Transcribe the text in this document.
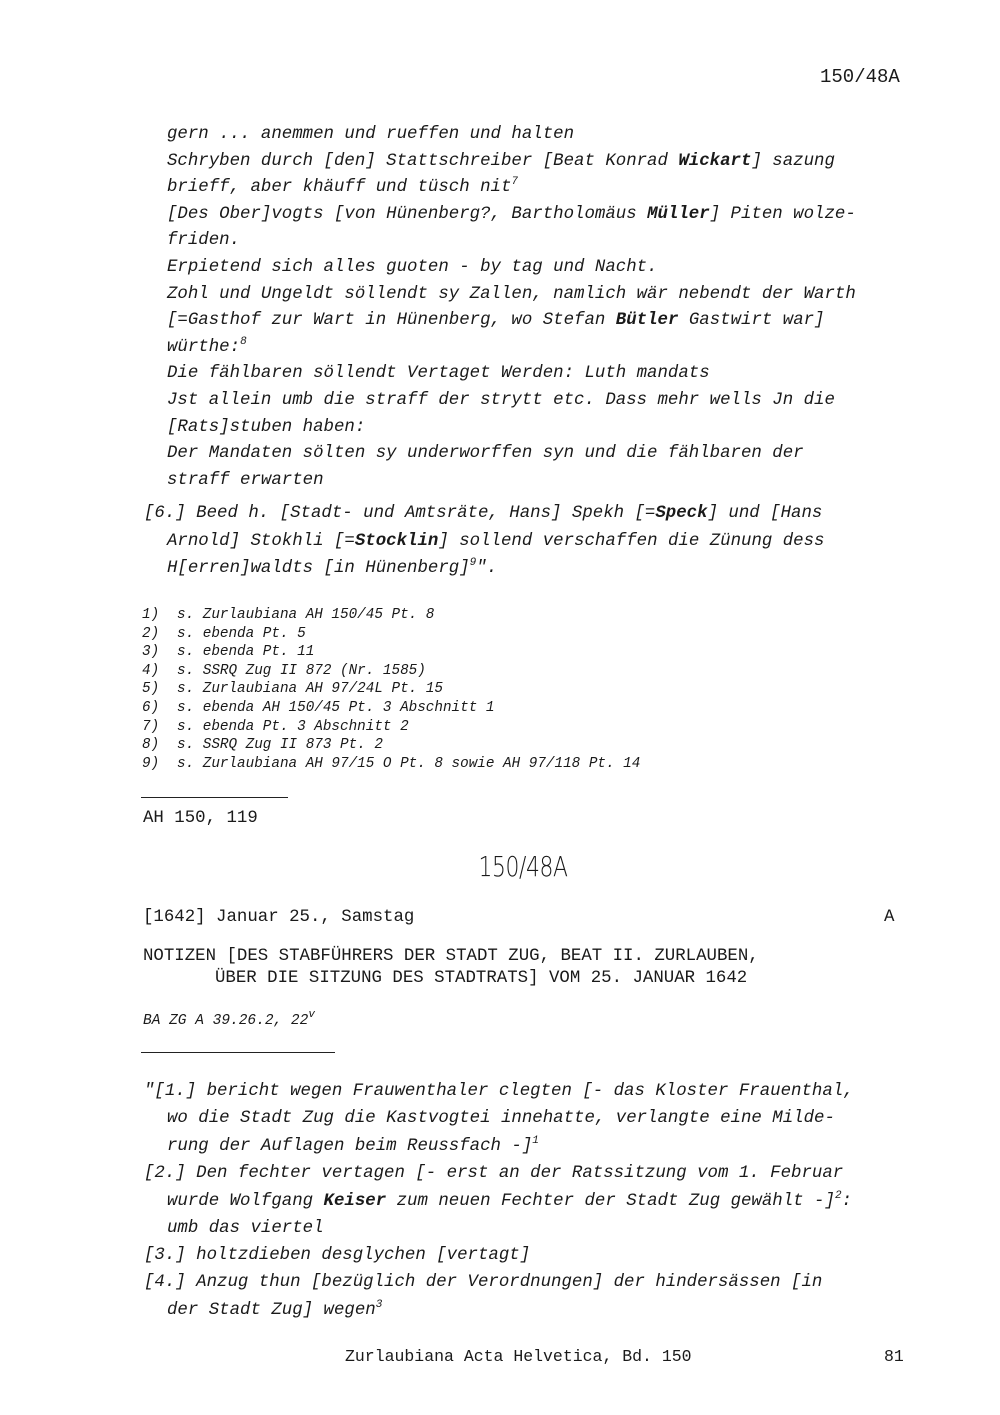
150/48A
gern ... anemmen und rueffen und halten
Schryben durch [den] Stattschreiber [Beat Konrad Wickart] sazung
brieff, aber khäuff und tüsch nit$^7$
[Des Ober]vogts [von Hünenberg?, Bartholomäus Müller] Piten wolze-
friden.
Erpietend sich alles guoten - by tag und Nacht.
Zohl und Ungeldt söllendt sy Zallen, namlich wär nebendt der Warth
[=Gasthof zur Wart in Hünenberg, wo Stefan Bütler Gastwirt war]
würthe:$^8$
Die fählbaren söllendt Vertaget Werden: Luth mandats
Jst allein umb die straff der strytt etc. Dass mehr wells Jn die
[Rats]stuben haben:
Der Mandaten sölten sy underworffen syn und die fählbaren der
straff erwarten
[6.] Beed h. [Stadt- und Amtsräte, Hans] Spekh [=Speck] und [Hans
Arnold] Stokhli [=Stocklin] sollend verschaffen die Zünung dess
H[erren]waldts [in Hünenberg]$^9$".
1) s. Zurlaubiana AH 150/45 Pt. 8
2) s. ebenda Pt. 5
3) s. ebenda Pt. 11
4) s. SSRQ Zug II 872 (Nr. 1585)
5) s. Zurlaubiana AH 97/24L Pt. 15
6) s. ebenda AH 150/45 Pt. 3 Abschnitt 1
7) s. ebenda Pt. 3 Abschnitt 2
8) s. SSRQ Zug II 873 Pt. 2
9) s. Zurlaubiana AH 97/15 O Pt. 8 sowie AH 97/118 Pt. 14
AH 150, 119
150/48A
[1642] Januar 25., Samstag	A
NOTIZEN [DES STABFÜHRERS DER STADT ZUG, BEAT II. ZURLAUBEN,
ÜBER DIE SITZUNG DES STADTRATS] VOM 25. JANUAR 1642
BA ZG A 39.26.2, 22$^v$
"[1.] bericht wegen Frauwenthaler clegten [- das Kloster Frauenthal,
wo die Stadt Zug die Kastvogtei innehatte, verlangte eine Milde-
rung der Auflagen beim Reussfach -]$^1$
[2.] Den fechter vertagen [- erst an der Ratssitzung vom 1. Februar
wurde Wolfgang Keiser zum neuen Fechter der Stadt Zug gewählt -]$^2$:
umb das viertel
[3.] holtzdieben desglychen [vertagt]
[4.] Anzug thun [bezüglich der Verordnungen] der hindersässen [in
der Stadt Zug] wegen$^3$
Zurlaubiana Acta Helvetica, Bd. 150	81
